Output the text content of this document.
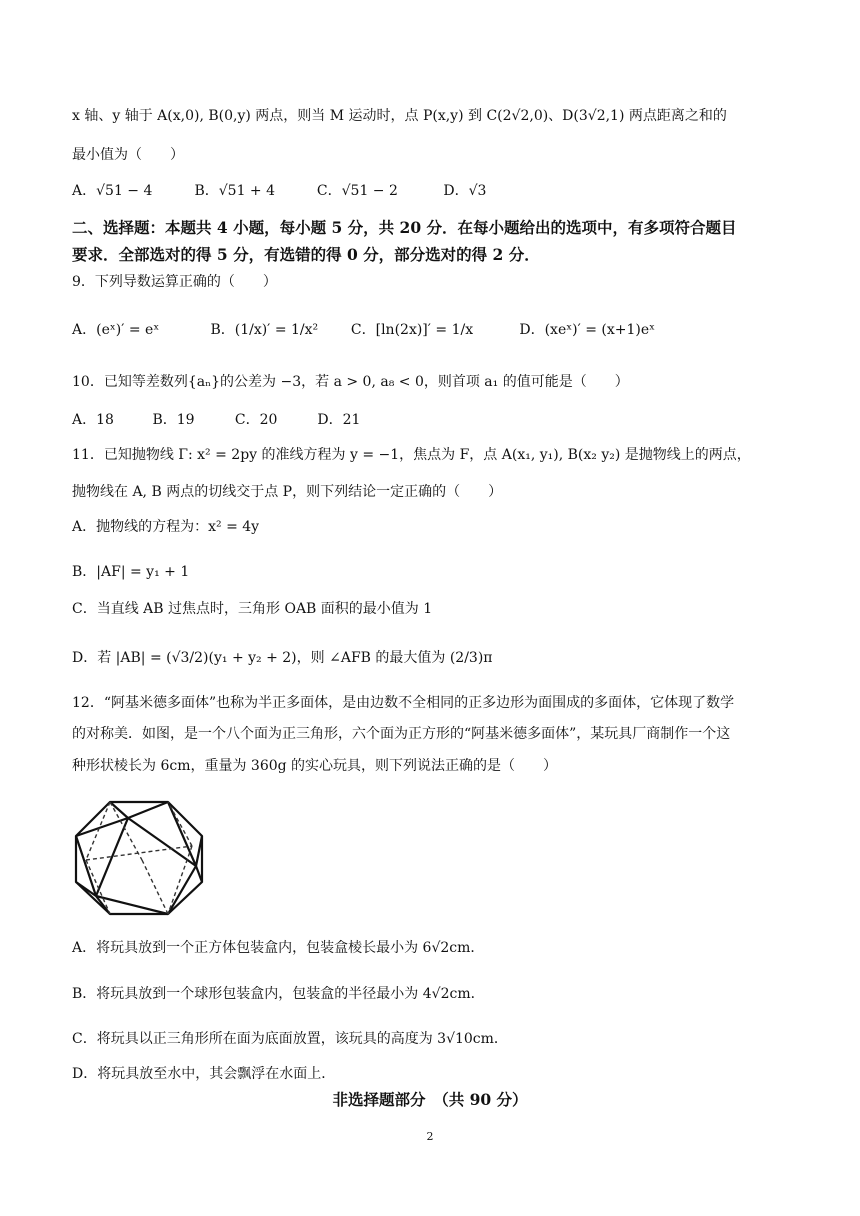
x 轴、y 轴于 A(x,0), B(0,y) 两点，则当 M 运动时，点 P(x,y) 到 C(2√2,0)、D(3√2,1) 两点距离之和的
最小值为（　　）
A．√51 − 4	B．√51 + 4	C．√51 − 2	D．√3
二、选择题：本题共 4 小题，每小题 5 分，共 20 分．在每小题给出的选项中，有多项符合题目
要求．全部选对的得 5 分，有选错的得 0 分，部分选对的得 2 分．
9．下列导数运算正确的（　　）
A．(eˣ)′ = eˣ	B．(1/x)′ = 1/x² C．[ln(2x)]′ = 1/x	D．(xeˣ)′ = (x+1)eˣ
10．已知等差数列{aₙ}的公差为 −3，若 a > 0, a₈ < 0，则首项 a₁ 的值可能是（　　）
A．18	B．19	C．20	D．21
11．已知抛物线 Γ: x² = 2py 的准线方程为 y = −1，焦点为 F，点 A(x₁, y₁), B(x₂ y₂) 是抛物线上的两点，
抛物线在 A, B 两点的切线交于点 P，则下列结论一定正确的（　　）
A．抛物线的方程为：x² = 4y
B．|AF| = y₁ + 1
C．当直线 AB 过焦点时，三角形 OAB 面积的最小值为 1
D．若 |AB| = (√3/2)(y₁ + y₂ + 2)，则 ∠AFB 的最大值为 (2/3)π
12．“阿基米德多面体”也称为半正多面体，是由边数不全相同的正多边形为面围成的多面体，它体现了数学
的对称美．如图，是一个八个面为正三角形，六个面为正方形的“阿基米德多面体”，某玩具厂商制作一个这
种形状棱长为 6cm，重量为 360g 的实心玩具，则下列说法正确的是（　　）
A．将玩具放到一个正方体包装盒内，包装盒棱长最小为 6√2cm．
B．将玩具放到一个球形包装盒内，包装盒的半径最小为 4√2cm．
C．将玩具以正三角形所在面为底面放置，该玩具的高度为 3√10cm．
D．将玩具放至水中，其会飘浮在水面上．
非选择题部分　（共 90 分）
2
